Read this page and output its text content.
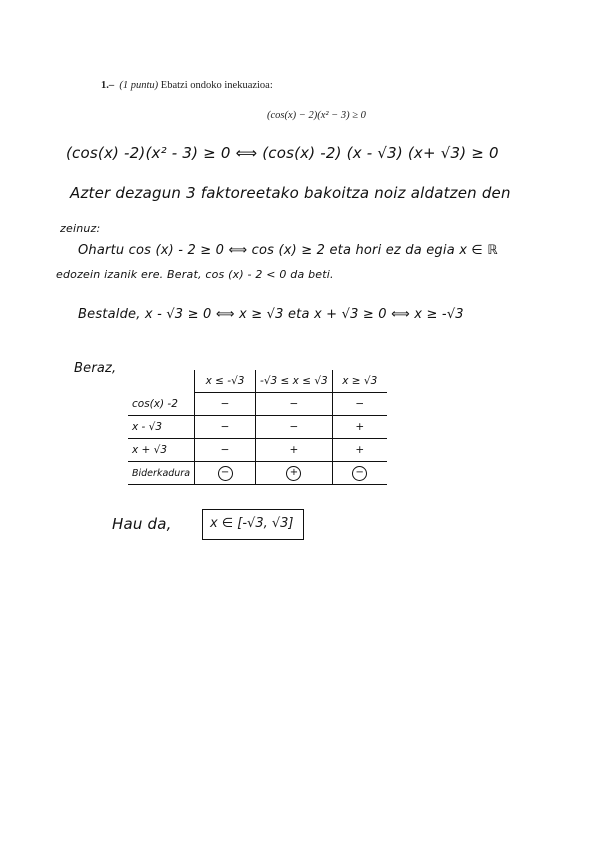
1.– (1 puntu) Ebatzi ondoko inekuazioa:
(cos(x) − 2)(x² − 3) ≥ 0
(cos(x) -2)(x² - 3) ≥ 0 ⟺ (cos(x) -2) (x - √3) (x+ √3) ≥ 0
Azter dezagun 3 faktoreetako bakoitza noiz aldatzen den
zeinuz:
Ohartu cos (x) - 2 ≥ 0 ⟺ cos (x) ≥ 2 eta hori ez da egia x ∈ ℝ
edozein izanik ere. Berat, cos (x) - 2 < 0 da beti.
Bestalde, x - √3 ≥ 0 ⟺ x ≥ √3 eta x + √3 ≥ 0 ⟺ x ≥ -√3
Beraz,
	x ≤ -√3	-√3 ≤ x ≤ √3	x ≥ √3
cos(x) -2	−	−	−
x - √3	−	−	+
x + √3	−	+	+
Biderkadura	−	+	−
Hau da,	x ∈ [-√3, √3]
